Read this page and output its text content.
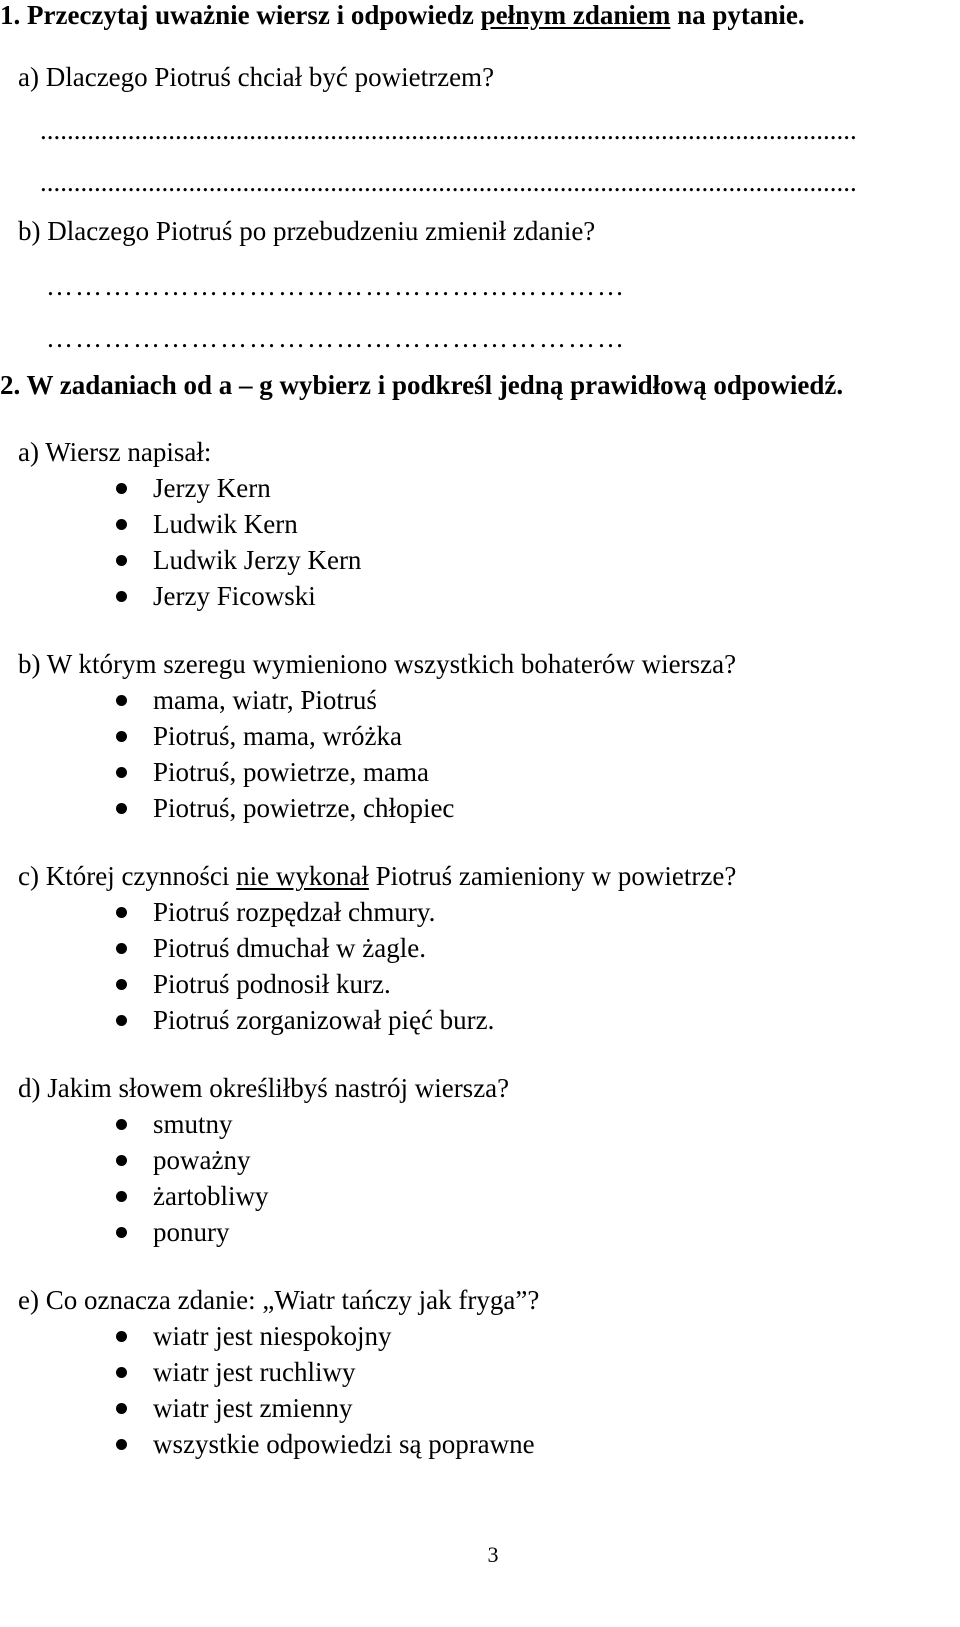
1. Przeczytaj uważnie wiersz i odpowiedz pełnym zdaniem na pytanie.
a) Dlaczego Piotruś chciał być powietrzem?
.........................................................................................................................
.........................................................................................................................
b) Dlaczego Piotruś po przebudzeniu zmienił zdanie?
……………………………………………………
……………………………………………………
2. W zadaniach od a – g wybierz i podkreśl jedną prawidłową odpowiedź.
a) Wiersz napisał:
Jerzy Kern
Ludwik Kern
Ludwik Jerzy Kern
Jerzy Ficowski
b) W którym szeregu wymieniono wszystkich bohaterów wiersza?
mama, wiatr, Piotruś
Piotruś, mama, wróżka
Piotruś, powietrze, mama
Piotruś, powietrze, chłopiec
c) Której czynności nie wykonał Piotruś zamieniony w powietrze?
Piotruś rozpędzał chmury.
Piotruś dmuchał w żagle.
Piotruś podnosił kurz.
Piotruś zorganizował pięć burz.
d) Jakim słowem określiłbyś nastrój wiersza?
smutny
poważny
żartobliwy
ponury
e) Co oznacza zdanie: „Wiatr tańczy jak fryga”?
wiatr jest niespokojny
wiatr jest ruchliwy
wiatr jest zmienny
wszystkie odpowiedzi są poprawne
3
